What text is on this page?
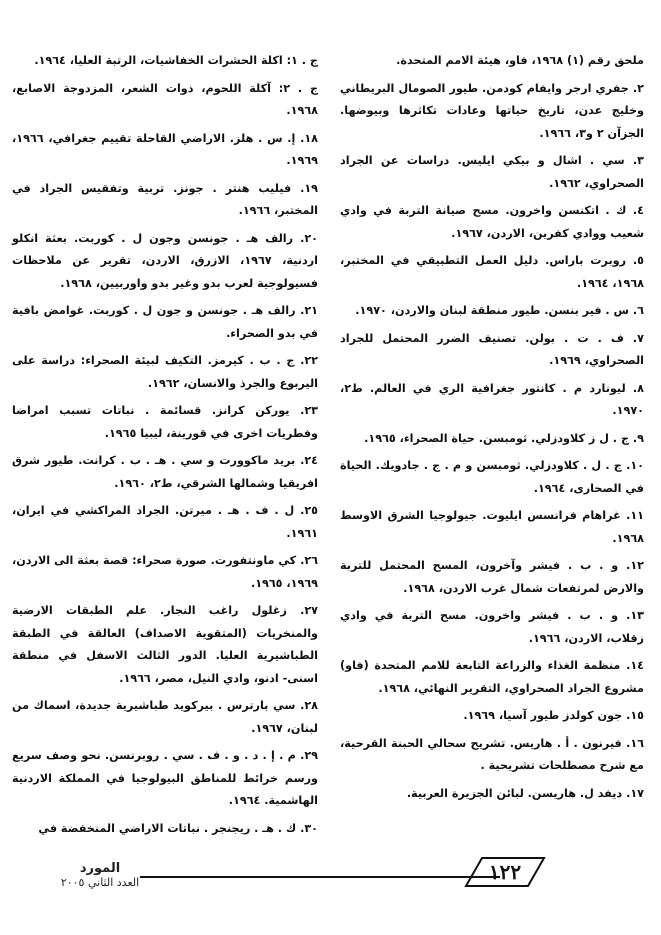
ملحق رقم (١) ١٩٦٨، فاو، هيئة الامم المتحدة.

٢. جفري ارجر وايفام كودمن. طيور الصومال البريطاني وخليج عدن، تاريخ حياتها وعادات تكاثرها وبيوضها. الجزآن ٢ و٣، ١٩٦٦.

٣. سي . اشال و بيكي ايليس. دراسات عن الجراد الصحراوي، ١٩٦٢.

٤. ك . اتكنسن واخرون. مسح صيانة التربة في وادي شعيب ووادي كفرين، الاردن، ١٩٦٧.

٥. روبرت باراس. دليل العمل التطبيقي في المختبر، ١٩٦٨، ١٩٦٤.

٦. س . فير بنسن. طيور منطقة لبنان والاردن، ١٩٧٠.

٧. ف . ت . بولن. تصنيف الضرر المحتمل للجراد الصحراوي، ١٩٦٩.

٨. ليونارد م . كانتور جغرافية الري في العالم. ط٢، ١٩٧٠.

٩. ج . ل ز كلاودزلي. ثومبسن. حياة الصحراء، ١٩٦٥.

١٠. ج . ل . كلاودزلي. ثومبسن و م . ج . جادويك. الحياة في الصحارى، ١٩٦٤.

١١. غراهام فرانسس ايليوت. جيولوجيا الشرق الاوسط ١٩٦٨.

١٢. و . ب . فيشر وآخرون، المسح المحتمل للتربة والارض لمرتفعات شمال غرب الاردن، ١٩٦٨.

١٣. و . ب . فيشر واخرون. مسح التربة في وادي زقلاب، الاردن، ١٩٦٦.

١٤. منظمة الغذاء والزراعة التابعة للامم المتحدة (فاو) مشروع الجراد الصحراوي، التقرير النهائي، ١٩٦٨.

١٥. جون كولدز طيور آسيا، ١٩٦٩.

١٦. فيرنون . أ . هاريس. تشريح سحالي الحبنة القرحية، مع شرح مصطلحات تشريحية .

١٧. ديفد ل. هاريسن. لبائن الجزيرة العربية.

ج . ١: اكلة الحشرات الخفاشيات، الرتبة العليا، ١٩٦٤.

ج . ٢: آكلة اللحوم، ذوات الشعر، المزدوجة الاصابع، ١٩٦٨.

١٨. إ. س . هلز. الاراضي القاحلة تقييم جغرافي، ١٩٦٦، ١٩٦٩.

١٩. فيليب هنتر . جونز. تربية وتفقيس الجراد في المختبر، ١٩٦٦.

٢٠. رالف هـ . جونسن وجون ل . كوربت. بعثة انكلو اردنية، ١٩٦٧، الازرق، الاردن، تقرير عن ملاحظات فسيولوجية لعرب بدو وغير بدو واوربيين، ١٩٦٨.

٢١. رالف هـ . جونسن و جون ل . كوربت. غوامض بافية في بدو الصحراء.

٢٢. ج . ب . كيرمز. التكيف لبيئة الصحراء: دراسة على اليربوع والجرذ والانسان، ١٩٦٢.

٢٣. يوركن كرانز. قسائمة . نباتات تسبب امراضا وفطريات اخرى في قورينة، ليبيا ١٩٦٥.

٢٤. بريد ماكوورت و سي . هـ . ب . كرانت. طيور شرق افريقيا وشمالها الشرقي، ط٢، ١٩٦٠.

٢٥. ل . ف . هـ . ميرتن. الجراد المراكشي في ايران، ١٩٦١.

٢٦. كي ماونتفورت. صورة صحراء: قصة بعثة الى الاردن، ١٩٦٩، ١٩٦٥.

٢٧. زغلول راغب النجار. علم الطبقات الارضية والمنخريات (المتقوية الاصداف) العالقة في الطبقة الطباشيرية العليا. الدور الثالث الاسفل في منطقة اسنى- ادنو، وادي النيل، مصر، ١٩٦٦.

٢٨. سي بارترس . بيركويد طباشيرية جديدة، اسماك من لبنان، ١٩٦٧.

٢٩. م . إ . د . و . ف . سي . روبرنسن. نحو وصف سريع ورسم خرائط للمناطق البيولوجيا في المملكة الاردنية الهاشمية. ١٩٦٤.

٣٠. ك . هـ . ريجنجر . نباتات الاراضي المنخفضة في

١٢٢
المورد
العدد الثاني ٢٠٠٥
